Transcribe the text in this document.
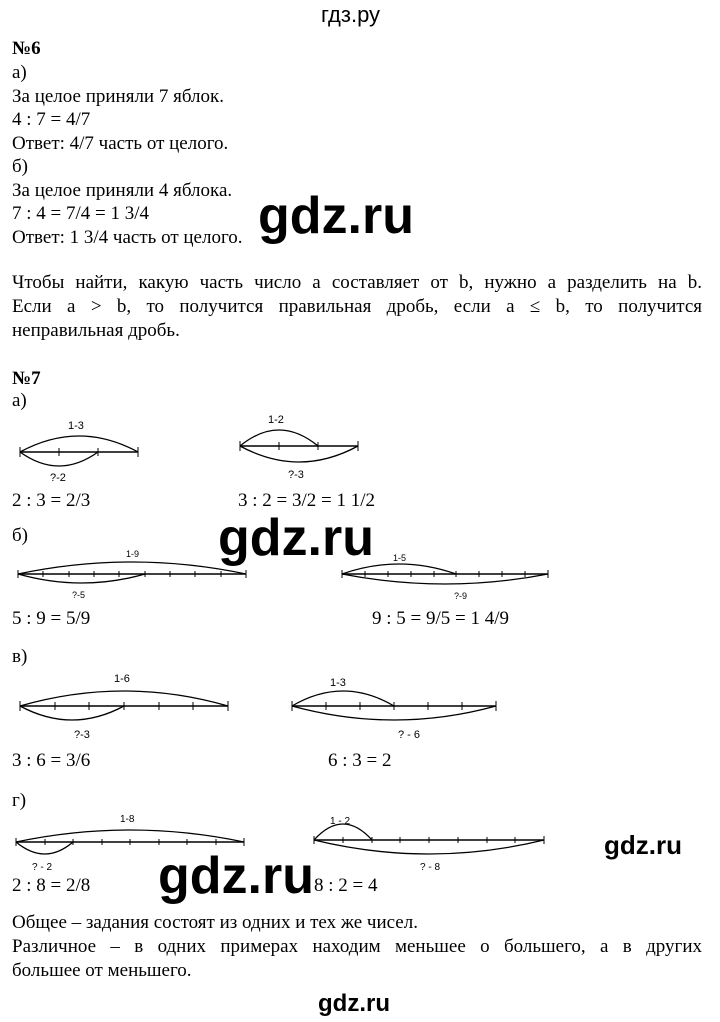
гдз.ру
№6
а)
За целое приняли 7 яблок.
4 : 7 = 4/7
Ответ: 4/7 часть от целого.
б)
За целое приняли 4 яблока.
7 : 4 = 7/4 = 1 3/4
Ответ: 1 3/4 часть от целого. gdz.ru
Чтобы найти, какую часть число a составляет от b, нужно a разделить на b.
Если a > b, то получится правильная дробь, если a ≤ b, то получится
неправильная дробь.
№7
а)
1-3
?-2
2 : 3 = 2/3
1-2
?-3
3 : 2 = 3/2 = 1 1/2
gdz.ru
б)
1-9
?-5
5 : 9 = 5/9
1-5
?-9
9 : 5 = 9/5 = 1 4/9
в)
1-6
?-3
3 : 6 = 3/6
1-3
? - 6
6 : 3 = 2
г)
1-8
? - 2
2 : 8 = 2/8
1 - 2
? - 8
8 : 2 = 4
gdz.ru
gdz.ru
Общее – задания состоят из одних и тех же чисел.
Различное – в одних примерах находим меньшее о большего, а в других
большее от меньшего.
gdz.ru
